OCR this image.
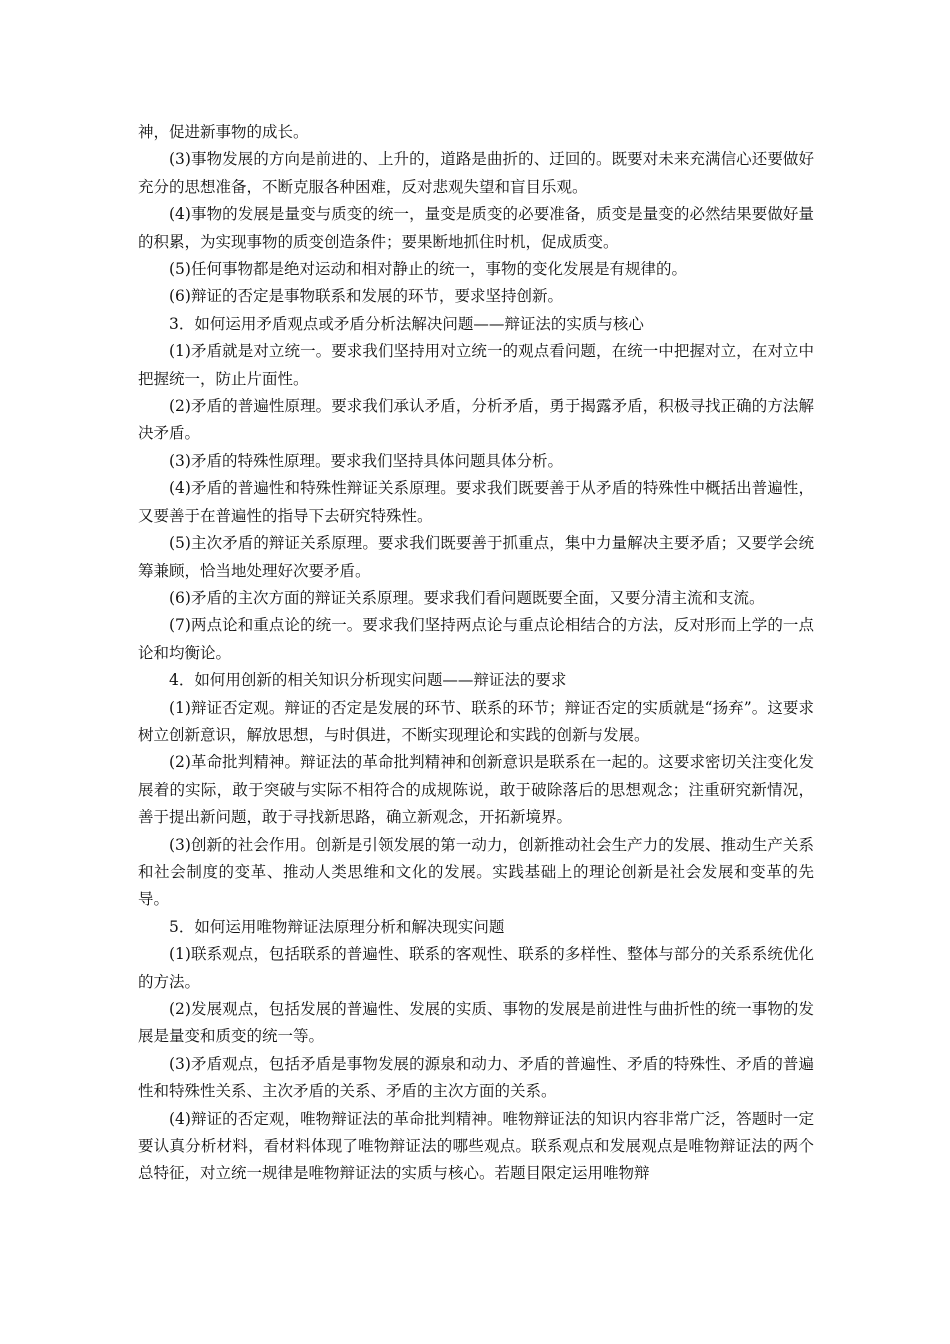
神，促进新事物的成长。

(3)事物发展的方向是前进的、上升的，道路是曲折的、迂回的。既要对未来充满信心还要做好充分的思想准备，不断克服各种困难，反对悲观失望和盲目乐观。

(4)事物的发展是量变与质变的统一，量变是质变的必要准备，质变是量变的必然结果要做好量的积累，为实现事物的质变创造条件；要果断地抓住时机，促成质变。

(5)任何事物都是绝对运动和相对静止的统一，事物的变化发展是有规律的。

(6)辩证的否定是事物联系和发展的环节，要求坚持创新。

3．如何运用矛盾观点或矛盾分析法解决问题——辩证法的实质与核心

(1)矛盾就是对立统一。要求我们坚持用对立统一的观点看问题，在统一中把握对立，在对立中把握统一，防止片面性。

(2)矛盾的普遍性原理。要求我们承认矛盾，分析矛盾，勇于揭露矛盾，积极寻找正确的方法解决矛盾。

(3)矛盾的特殊性原理。要求我们坚持具体问题具体分析。

(4)矛盾的普遍性和特殊性辩证关系原理。要求我们既要善于从矛盾的特殊性中概括出普遍性，又要善于在普遍性的指导下去研究特殊性。

(5)主次矛盾的辩证关系原理。要求我们既要善于抓重点，集中力量解决主要矛盾；又要学会统筹兼顾，恰当地处理好次要矛盾。

(6)矛盾的主次方面的辩证关系原理。要求我们看问题既要全面，又要分清主流和支流。

(7)两点论和重点论的统一。要求我们坚持两点论与重点论相结合的方法，反对形而上学的一点论和均衡论。

4．如何用创新的相关知识分析现实问题——辩证法的要求

(1)辩证否定观。辩证的否定是发展的环节、联系的环节；辩证否定的实质就是“扬弃”。这要求树立创新意识，解放思想，与时俱进，不断实现理论和实践的创新与发展。

(2)革命批判精神。辩证法的革命批判精神和创新意识是联系在一起的。这要求密切关注变化发展着的实际，敢于突破与实际不相符合的成规陈说，敢于破除落后的思想观念；注重研究新情况，善于提出新问题，敢于寻找新思路，确立新观念，开拓新境界。

(3)创新的社会作用。创新是引领发展的第一动力，创新推动社会生产力的发展、推动生产关系和社会制度的变革、推动人类思维和文化的发展。实践基础上的理论创新是社会发展和变革的先导。

5．如何运用唯物辩证法原理分析和解决现实问题

(1)联系观点，包括联系的普遍性、联系的客观性、联系的多样性、整体与部分的关系系统优化的方法。

(2)发展观点，包括发展的普遍性、发展的实质、事物的发展是前进性与曲折性的统一事物的发展是量变和质变的统一等。

(3)矛盾观点，包括矛盾是事物发展的源泉和动力、矛盾的普遍性、矛盾的特殊性、矛盾的普遍性和特殊性关系、主次矛盾的关系、矛盾的主次方面的关系。

(4)辩证的否定观，唯物辩证法的革命批判精神。唯物辩证法的知识内容非常广泛，答题时一定要认真分析材料，看材料体现了唯物辩证法的哪些观点。联系观点和发展观点是唯物辩证法的两个总特征，对立统一规律是唯物辩证法的实质与核心。若题目限定运用唯物辩
